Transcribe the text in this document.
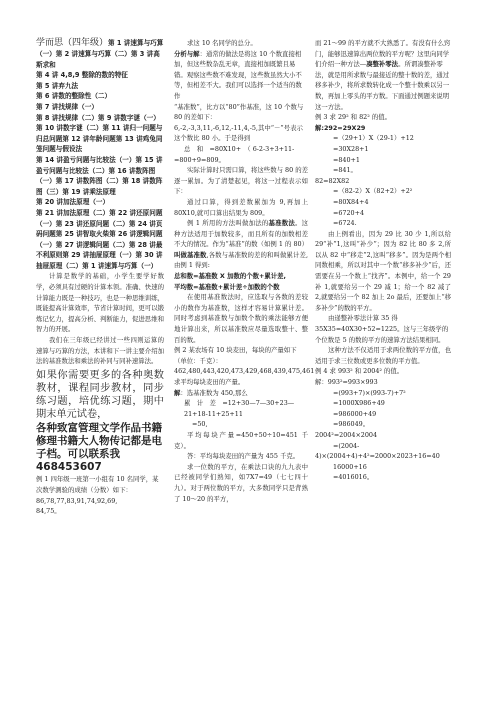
学而思（四年级）第 1 讲速算与巧算（一）第 2 讲速算与巧算（二）第 3 讲高斯求和

第 4 讲 4,8,9 整除的数的特征

第 5 讲弃九法

第 6 讲数的整除性（二）

第 7 讲找规律（一）

第 8 讲找规律（二）第 9 讲数字谜（一）第 10 讲数字谜（二）第 11 讲归一问题与归总问题第 12 讲年龄问题第 13 讲鸡兔同笼问题与假设法

第 14 讲盈亏问题与比较法（一）第 15 讲盈亏问题与比较法（二）第 16 讲数阵图（一）第 17 讲数阵图（二）第 18 讲数阵图（三）第 19 讲乘法原理

第 20 讲加法原理（一）

第 21 讲加法原理（二）第 22 讲还原问题（一）第 23 讲还原问题（二）第 24 讲页码问题第 25 讲智取火柴第 26 讲逻辑问题（一）第 27 讲逻辑问题（二）第 28 讲最不利原则第 29 讲抽屉原理（一）第 30 讲抽屉原理（二）第 1 讲速算与巧算（一）

计算是数学的基础，小学生要学好数学，必须具有过硬的计算本领。准确、快速的计算能力既是一种技巧，也是一种思维训练，既能提高计算效率，节省计算时间，更可以锻炼记忆力，提高分析、判断能力，促进思维和智力的开展。

我们在三年级已经讲过一些四则运算的速算与巧算的方法，本讲和下一讲主要介绍加法的基准数法和乘法的补同与同补速算法。

如果你需要更多的各种奥数教材，课程同步教材，同步练习题，培优练习题，期中期末单元试卷，

各种致富管理文学作品书籍修理书籍大人物传记都是电子档。可以联系我468453607

例 1 四年级一班第一小组有 10 名同学，某次数学测验的成绩（分数）如下：

86,78,77,83,91,74,92,69,

84,75。

求这 10 名同学的总分。

分析与解：通常的做法是将这 10 个数直接相加，但这些数杂乱无章，直接相加既繁且易错。观察这些数不难发现，这些数虽然大小不等，但相差不大。我们可以选择一个适当的数作

“基准数”，比方以“80”作基准，这 10 个数与 80 的差如下：

6,-2,-3,3,11,-6,12,-11,4,-5,其中“－”号表示这个数比 80 小。于是得到

总　和　=80X10+　（ 6-2-3+3+11-

=800+9=809。

实际计算时只需口算，将这些数与 80 的差逐一累加。为了清楚起见，将这一过程表示如下：

通过口算，得到差数累加为 9,再加上 80X10,就可口算出结果为 809。

例 1 所用的方法叫做加法的基准数法。这种方法适用于加数较多，而且所有的加数相差不大的情况。作为“基准”的数（如例 1 的 80）叫做基准数,各数与基准数的差的和叫做累计差,由例 1 得到:

总和数=基准数 X 加数的个数+累计差,

平均数=基准数+累计差÷加数的个数

在使用基准数法时，应选取与各数的差较小的数作为基准数，这样才容易计算累计差。同时考虑到基准数与加数个数的乘法能够方便地计算出来，所以基准数应尽量选取整十、整百的数。

例 2 某农场有 10 块麦田，每块的产量如下（单位：千克）：

462,480,443,420,473,429,468,439,475,461 求平均每块麦田的产量。

解：选基准数为 450,那么

累　计　差　=12+30—7—30+23—21+18-11+25+11

=50,

平均每块产量=450+50÷10=451 千克）。

答：平均每块麦田的产量为 455 千克。

求一位数的平方，在乘法口诀的九九表中已经被同学们熟知，如7X7=49（七七四十九）。对于两位数的平方，大多数同学只是背熟了 10～20 的平方，

而 21～99 的平方就不大熟悉了。有没有什么窍门，能够迅速算出两位数的平方呢？这里向同学们介绍一种方法—凑整补零法。所谓凑整补零法，就是用所求数与最接近的整十数的差，通过移多补少，将所求数转化成一个整十数乘以另一数，再加上零头的平方数。下面通过例题来说明这一方法。

例 3 求 29² 和 82² 的值。

解:292=29X29

=（29+1）X（29-1）+12

=30X28+1

=840+1

=841。

82=82X82

=（82-2）X（82+2）+2²

=80X84+4

=6720+4

=6724.

由上例看出，因为 29 比 30 少 1,所以给 29“补”1,这叫“补少”；因为 82 比 80 多 2,所以从 82 中“移走”2,这叫“移多”。因为是两个相同数相乘，所以对其中一个数“移多补少”后，还需要在另一个数上“找齐”。本例中，给一个 29 补 1,就要给另一个 29 减 1；给一个 82 减了 2,就要给另一个 82 加上 2o 最后，还要加上“移多补少”的数的平方。

由递整补零法计算 35 得

35X35=40X30+52=1225。这与三年级学的个位数是 5 的数的平方的速算方法结果相同。

这种方法不仅适用于求两位数的平方值，也适用于求三位数或更多位数的平方值。

例 4 求 993² 和 2004² 的值。

解：993²=993×993

=(993+7)×(993-7)+7²

=1000X986+49

=986000+49

=986049。

2004²=2004×2004

=(2004-

4)×(2004+4)+4²=2000×2023+16=40

16000+16

=4016016。
